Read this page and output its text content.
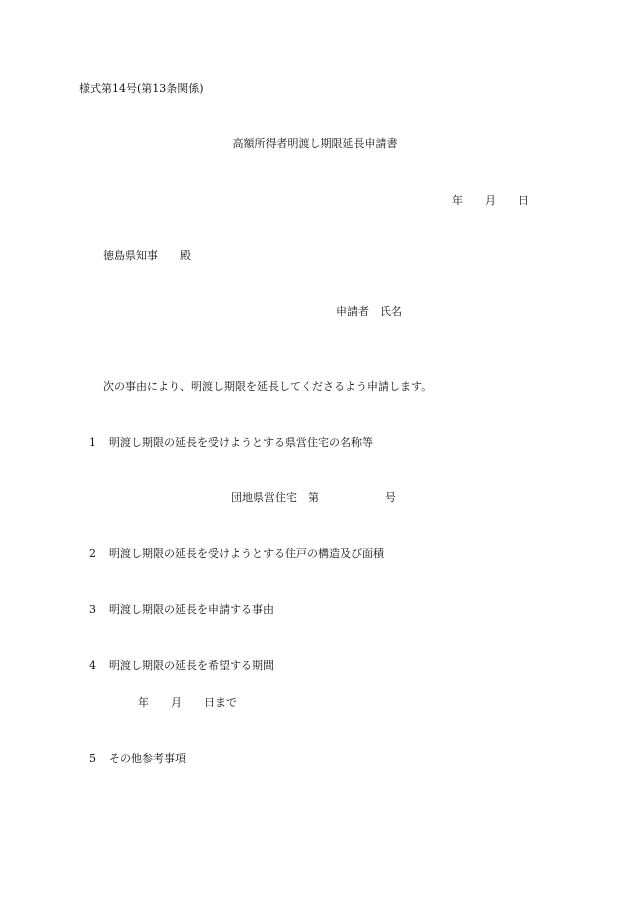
様式第14号(第13条関係)
高額所得者明渡し期限延長申請書
年　　月　　日
徳島県知事　　殿
申請者　氏名
次の事由により、明渡し期限を延長してくださるよう申請します。
1 明渡し期限の延長を受けようとする県営住宅の名称等
団地県営住宅　第　　　　　　号
2 明渡し期限の延長を受けようとする住戸の構造及び面積
3 明渡し期限の延長を申請する事由
4 明渡し期限の延長を希望する期間
年　　月　　日まで
5 その他参考事項
